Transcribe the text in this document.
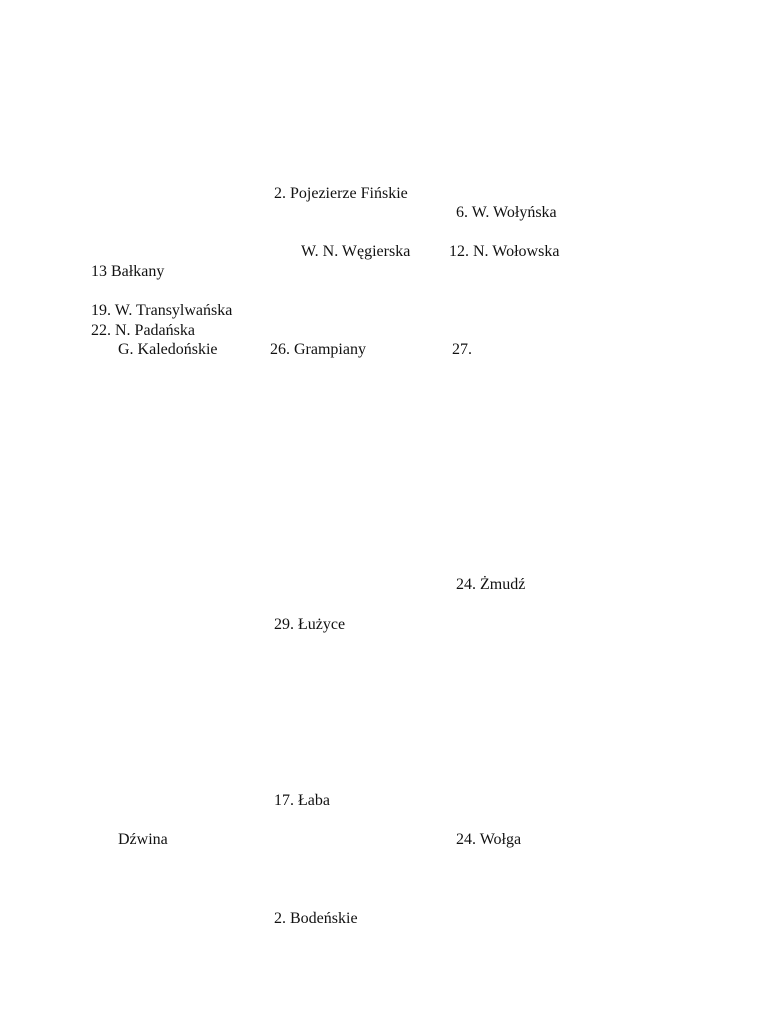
2. Pojezierze Fińskie
6. W. Wołyńska
W. N. Węgierska 12. N. Wołowska
13 Bałkany
19. W. Transylwańska
22. N. Padańska
G. Kaledońskie	26. Grampiany	27.
24. Żmudź
29. Łużyce
17. Łaba
Dźwina	24. Wołga
2. Bodeńskie
